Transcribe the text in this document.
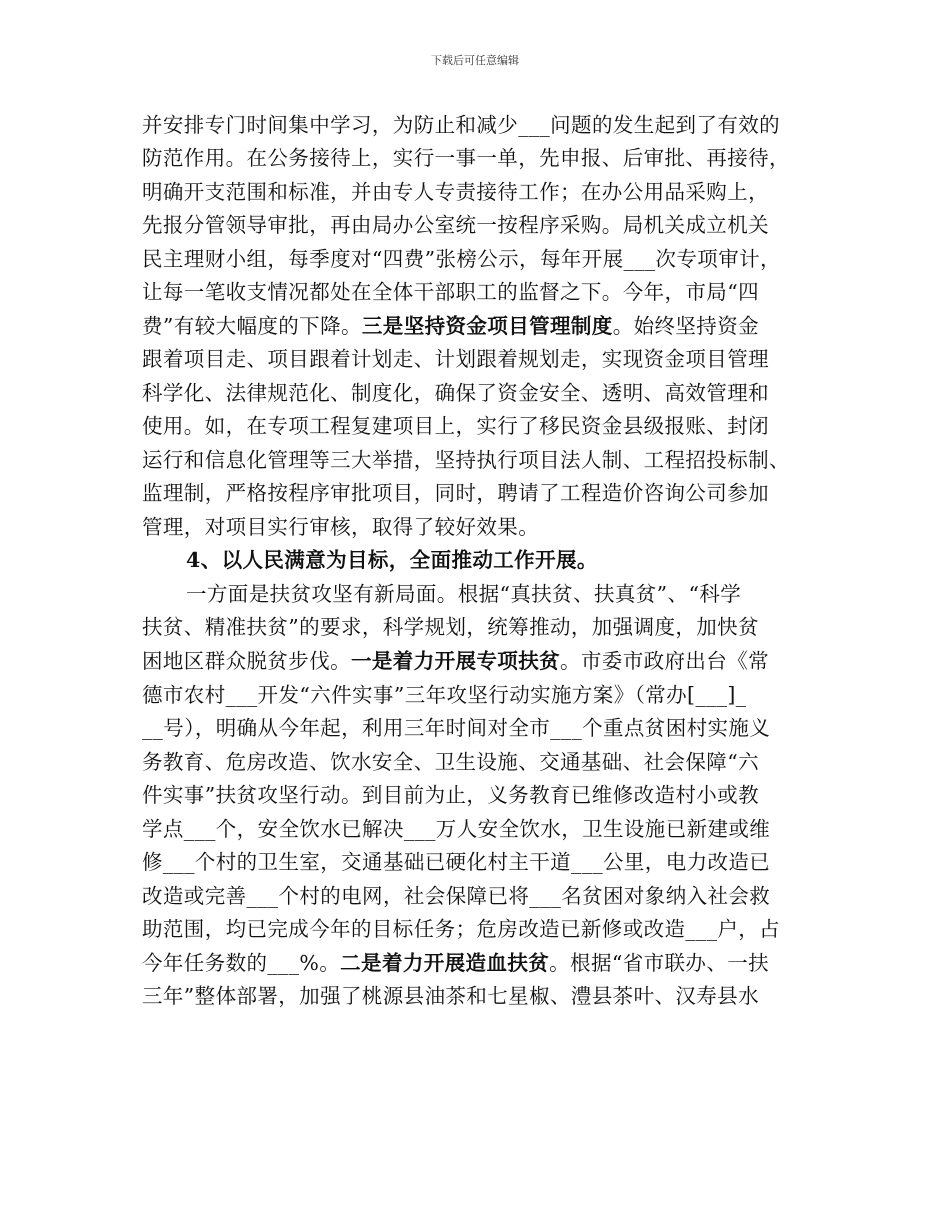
下载后可任意编辑
并安排专门时间集中学习，为防止和减少___问题的发生起到了有效的
防范作用。在公务接待上，实行一事一单，先申报、后审批、再接待，
明确开支范围和标准，并由专人专责接待工作；在办公用品采购上，
先报分管领导审批，再由局办公室统一按程序采购。局机关成立机关
民主理财小组，每季度对“四费”张榜公示，每年开展___次专项审计，
让每一笔收支情况都处在全体干部职工的监督之下。今年，市局“四
费”有较大幅度的下降。三是坚持资金项目管理制度。始终坚持资金
跟着项目走、项目跟着计划走、计划跟着规划走，实现资金项目管理
科学化、法律规范化、制度化，确保了资金安全、透明、高效管理和
使用。如，在专项工程复建项目上，实行了移民资金县级报账、封闭
运行和信息化管理等三大举措，坚持执行项目法人制、工程招投标制、
监理制，严格按程序审批项目，同时，聘请了工程造价咨询公司参加
管理，对项目实行审核，取得了较好效果。
4、以人民满意为目标，全面推动工作开展。
一方面是扶贫攻坚有新局面。根据“真扶贫、扶真贫”、“科学
扶贫、精准扶贫”的要求，科学规划，统筹推动，加强调度，加快贫
困地区群众脱贫步伐。一是着力开展专项扶贫。市委市政府出台《常
德市农村___开发“六件实事”三年攻坚行动实施方案》（常办[___]_
__号），明确从今年起，利用三年时间对全市___个重点贫困村实施义
务教育、危房改造、饮水安全、卫生设施、交通基础、社会保障“六
件实事”扶贫攻坚行动。到目前为止，义务教育已维修改造村小或教
学点___个，安全饮水已解决___万人安全饮水，卫生设施已新建或维
修___个村的卫生室，交通基础已硬化村主干道___公里，电力改造已
改造或完善___个村的电网，社会保障已将___名贫困对象纳入社会救
助范围，均已完成今年的目标任务；危房改造已新修或改造___户，占
今年任务数的___%。二是着力开展造血扶贫。根据“省市联办、一扶
三年”整体部署，加强了桃源县油茶和七星椒、澧县茶叶、汉寿县水
